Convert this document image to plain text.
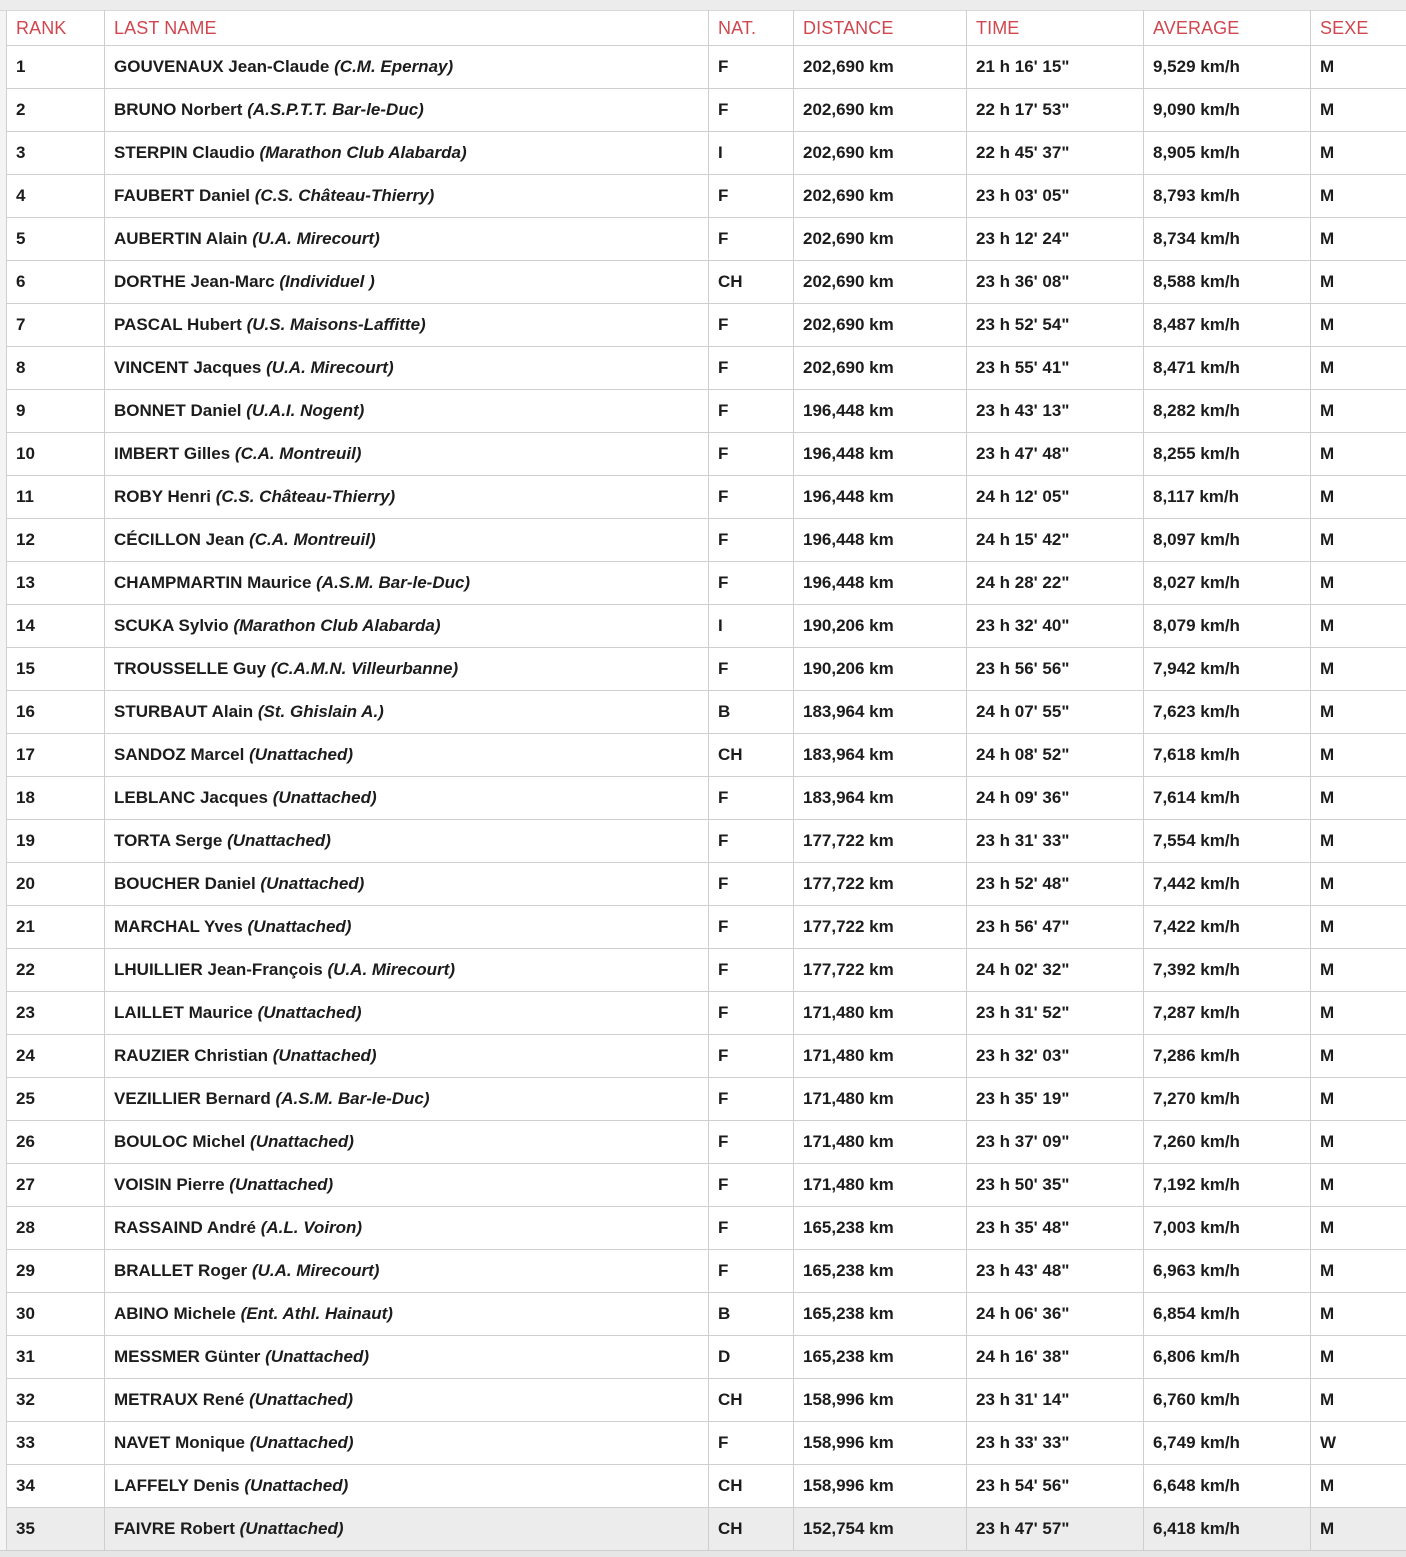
RANK	LAST NAME	NAT.	DISTANCE	TIME	AVERAGE	SEXE
1	GOUVENAUX Jean-Claude (C.M. Epernay)	F	202,690 km	21 h 16' 15"	9,529 km/h	M
2	BRUNO Norbert (A.S.P.T.T. Bar-le-Duc)	F	202,690 km	22 h 17' 53"	9,090 km/h	M
3	STERPIN Claudio (Marathon Club Alabarda)	I	202,690 km	22 h 45' 37"	8,905 km/h	M
4	FAUBERT Daniel (C.S. Château-Thierry)	F	202,690 km	23 h 03' 05"	8,793 km/h	M
5	AUBERTIN Alain (U.A. Mirecourt)	F	202,690 km	23 h 12' 24"	8,734 km/h	M
6	DORTHE Jean-Marc (Individuel )	CH	202,690 km	23 h 36' 08"	8,588 km/h	M
7	PASCAL Hubert (U.S. Maisons-Laffitte)	F	202,690 km	23 h 52' 54"	8,487 km/h	M
8	VINCENT Jacques (U.A. Mirecourt)	F	202,690 km	23 h 55' 41"	8,471 km/h	M
9	BONNET Daniel (U.A.I. Nogent)	F	196,448 km	23 h 43' 13"	8,282 km/h	M
10	IMBERT Gilles (C.A. Montreuil)	F	196,448 km	23 h 47' 48"	8,255 km/h	M
11	ROBY Henri (C.S. Château-Thierry)	F	196,448 km	24 h 12' 05"	8,117 km/h	M
12	CÉCILLON Jean (C.A. Montreuil)	F	196,448 km	24 h 15' 42"	8,097 km/h	M
13	CHAMPMARTIN Maurice (A.S.M. Bar-le-Duc)	F	196,448 km	24 h 28' 22"	8,027 km/h	M
14	SCUKA Sylvio (Marathon Club Alabarda)	I	190,206 km	23 h 32' 40"	8,079 km/h	M
15	TROUSSELLE Guy (C.A.M.N. Villeurbanne)	F	190,206 km	23 h 56' 56"	7,942 km/h	M
16	STURBAUT Alain (St. Ghislain A.)	B	183,964 km	24 h 07' 55"	7,623 km/h	M
17	SANDOZ Marcel (Unattached)	CH	183,964 km	24 h 08' 52"	7,618 km/h	M
18	LEBLANC Jacques (Unattached)	F	183,964 km	24 h 09' 36"	7,614 km/h	M
19	TORTA Serge (Unattached)	F	177,722 km	23 h 31' 33"	7,554 km/h	M
20	BOUCHER Daniel (Unattached)	F	177,722 km	23 h 52' 48"	7,442 km/h	M
21	MARCHAL Yves (Unattached)	F	177,722 km	23 h 56' 47"	7,422 km/h	M
22	LHUILLIER Jean-François (U.A. Mirecourt)	F	177,722 km	24 h 02' 32"	7,392 km/h	M
23	LAILLET Maurice (Unattached)	F	171,480 km	23 h 31' 52"	7,287 km/h	M
24	RAUZIER Christian (Unattached)	F	171,480 km	23 h 32' 03"	7,286 km/h	M
25	VEZILLIER Bernard (A.S.M. Bar-le-Duc)	F	171,480 km	23 h 35' 19"	7,270 km/h	M
26	BOULOC Michel (Unattached)	F	171,480 km	23 h 37' 09"	7,260 km/h	M
27	VOISIN Pierre (Unattached)	F	171,480 km	23 h 50' 35"	7,192 km/h	M
28	RASSAIND André (A.L. Voiron)	F	165,238 km	23 h 35' 48"	7,003 km/h	M
29	BRALLET Roger (U.A. Mirecourt)	F	165,238 km	23 h 43' 48"	6,963 km/h	M
30	ABINO Michele (Ent. Athl. Hainaut)	B	165,238 km	24 h 06' 36"	6,854 km/h	M
31	MESSMER Günter (Unattached)	D	165,238 km	24 h 16' 38"	6,806 km/h	M
32	METRAUX René (Unattached)	CH	158,996 km	23 h 31' 14"	6,760 km/h	M
33	NAVET Monique (Unattached)	F	158,996 km	23 h 33' 33"	6,749 km/h	W
34	LAFFELY Denis (Unattached)	CH	158,996 km	23 h 54' 56"	6,648 km/h	M
35	FAIVRE Robert (Unattached)	CH	152,754 km	23 h 47' 57"	6,418 km/h	M
